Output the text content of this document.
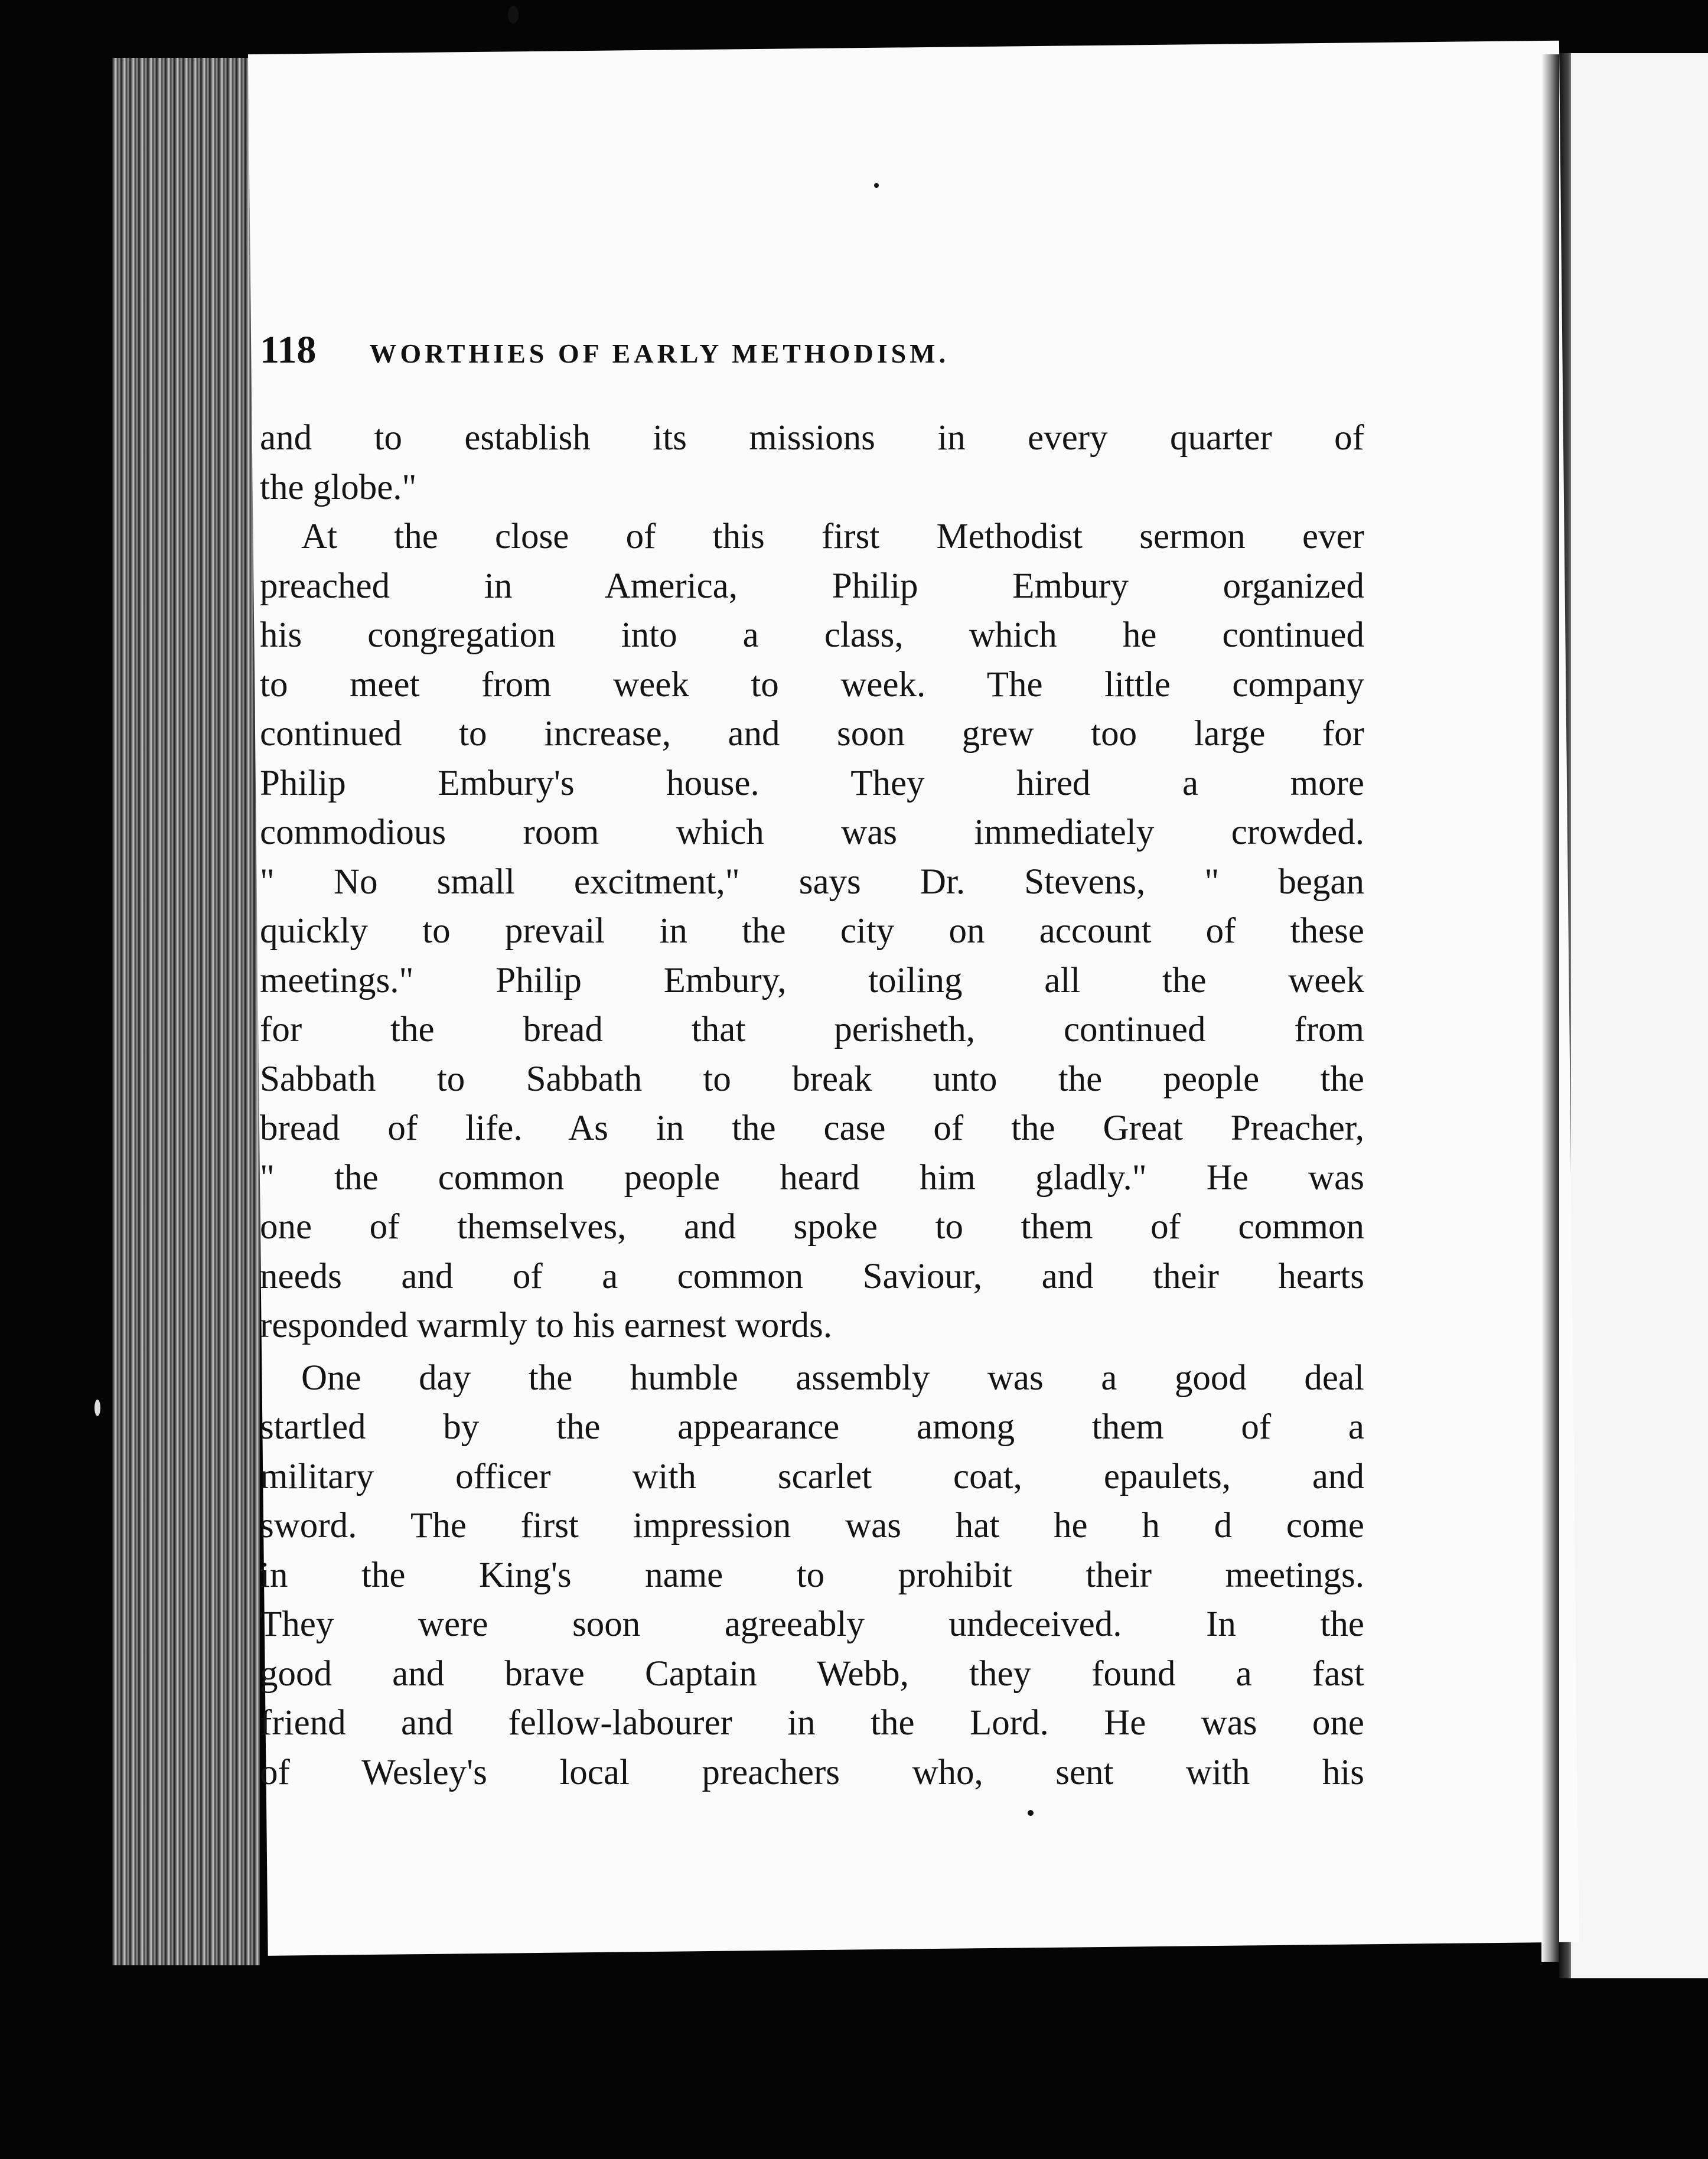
118 WORTHIES OF EARLY METHODISM.
and to establish its missions in every quarter of
the globe."
At the close of this first Methodist sermon ever
preached in America, Philip Embury organized
his congregation into a class, which he continued
to meet from week to week. The little company
continued to increase, and soon grew too large for
Philip Embury's house. They hired a more
commodious room which was immediately crowded.
" No small excitment," says Dr. Stevens, " began
quickly to prevail in the city on account of these
meetings." Philip Embury, toiling all the week
for the bread that perisheth, continued from
Sabbath to Sabbath to break unto the people the
bread of life. As in the case of the Great Preacher,
" the common people heard him gladly." He was
one of themselves, and spoke to them of common
needs and of a common Saviour, and their hearts
responded warmly to his earnest words.
One day the humble assembly was a good deal
startled by the appearance among them of a
military officer with scarlet coat, epaulets, and
sword. The first impression was hat he h d come
in the King's name to prohibit their meetings.
They were soon agreeably undeceived. In the
good and brave Captain Webb, they found a fast
friend and fellow-labourer in the Lord. He was one
of Wesley's local preachers who, sent with his
